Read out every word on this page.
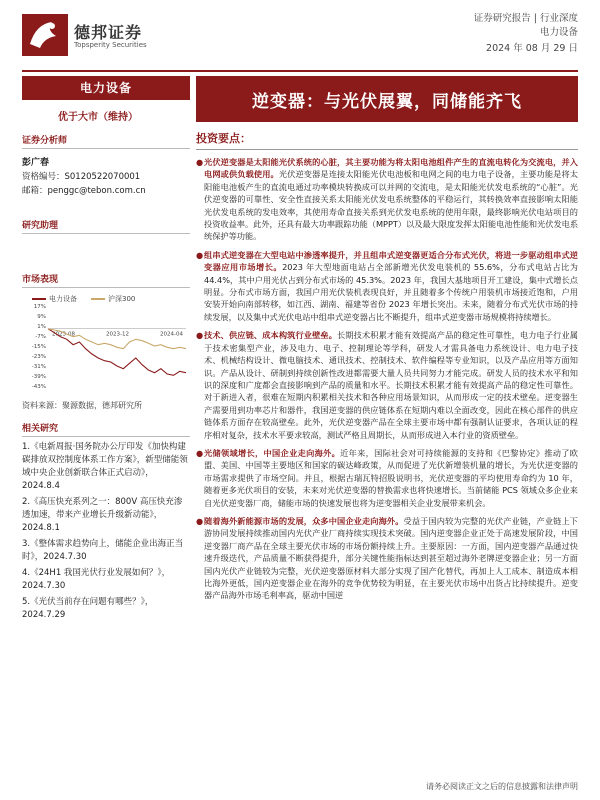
德邦证券
Topsperity Securities
证券研究报告 | 行业深度
电力设备
2024 年 08 月 29 日
电力设备
优于大市（维持）
证券分析师
彭广春
资格编号：S0120522070001
邮箱：penggc@tebon.com.cn
研究助理
市场表现
电力设备	沪深300
17%
9%
1%
-7%
-15%
-23%
-31%
-39%
-43%
2023-08	2023-12	2024-04
资料来源：聚源数据，德邦研究所
相关研究
1.《电新周报·国务院办公厅印发《加快构建碳排放双控制度体系工作方案》，新型储能领域中央企业创新联合体正式启动》，2024.8.4
2.《高压快充系列之一：800V 高压快充渗透加速，带来产业增长升级新动能》，2024.8.1
3.《整体需求趋势向上，储能企业出海正当时》，2024.7.30
4.《24H1 我国光伏行业发展如何？》，2024.7.30
5.《光伏当前存在问题有哪些？》，2024.7.29
逆变器：与光伏展翼，同储能齐飞
投资要点：
● 光伏逆变器是太阳能光伏系统的心脏，其主要功能为将太阳电池组件产生的直流电转化为交流电，并入电网或供负载使用。光伏逆变器是连接太阳能光伏电池板和电网之间的电力电子设备，主要功能是将太阳能电池板产生的直流电通过功率模块转换成可以并网的交流电，是太阳能光伏发电系统的“心脏”。光伏逆变器的可靠性、安全性直接关系太阳能光伏发电系统整体的平稳运行，其转换效率直接影响太阳能光伏发电系统的发电效率，其使用寿命直接关系到光伏发电系统的使用年限，最终影响光伏电站项目的投资收益率。此外，还具有最大功率跟踪功能（MPPT）以及最大限度发挥太阳能电池性能和光伏发电系统保护等功能。
● 组串式逆变器在大型电站中渗透率提升，并且组串式逆变器更适合分布式光伏，将进一步驱动组串式逆变器应用市场增长。2023 年大型地面电站占全部新增光伏发电装机的 55.6%，分布式电站占比为 44.4%，其中户用光伏占到分布式市场的 45.3%。2023 年，我国大基地项目开工建设，集中式增长点明显。分布式市场方面，我国户用光伏装机表现良好，并且随着多个传统户用装机市场接近饱和，户用安装开始向南部转移，如江西、湖南、福建等省份 2023 年增长突出。未来，随着分布式光伏市场的持续发展，以及集中式光伏电站中组串式逆变器占比不断提升，组串式逆变器市场规模将持续增长。
● 技术、供应链、成本构筑行业壁垒。长期技术积累才能有效提高产品的稳定性可靠性，电力电子行业属于技术密集型产业，涉及电力、电子、控制理论等学科，研发人才需具备电力系统设计、电力电子技术、机械结构设计、微电脑技术、通讯技术、控制技术、软件编程等专业知识，以及产品应用等方面知识。产品从设计、研制到持续创新性改进都需要大量人员共同努力才能完成。研发人员的技术水平和知识的深度和广度都会直接影响到产品的质量和水平。长期技术积累才能有效提高产品的稳定性可靠性。对于新进入者，很难在短期内积累相关技术和各种应用场景知识，从而形成一定的技术壁垒。逆变器生产需要用到功率芯片和器件，我国逆变器的供应链体系在短期内难以全面改变，因此在核心部件的供应链体系方面存在较高壁垒。此外，光伏逆变器产品在全球主要市场中都有强制认证要求，各项认证的程序相对复杂，技术水平要求较高，测试严格且周期长，从而形成进入本行业的资质壁垒。
● 光储领域增长，中国企业走向海外。近年来，国际社会对可持续能源的支持和《巴黎协定》推动了欧盟、美国、中国等主要地区和国家的碳达峰政策，从而促进了光伏新增装机量的增长，为光伏逆变器的市场需求提供了市场空间。并且，根据古瑞瓦特招股说明书，光伏逆变器的平均使用寿命约为 10 年，随着更多光伏项目的安装，未来对光伏逆变器的替换需求也将快速增长。当前储能 PCS 领域众多企业来自光伏逆变器厂商，储能市场的快速发展也将为逆变器相关企业发展带来机会。
● 随着海外新能源市场的发展，众多中国企业走向海外。受益于国内较为完整的光伏产业链，产业链上下游协同发展持续推动国内光伏产业厂商持续实现技术突破。国内逆变器企业正处于高速发展阶段，中国逆变器厂商产品在全球主要光伏市场的市场份额持续上升。主要原因：一方面，国内逆变器产品通过快速升级迭代，产品质量不断获得提升，部分关键性能指标达到甚至超过海外老牌逆变器企业；另一方面国内光伏产业链较为完整，光伏逆变器原材料大部分实现了国产化替代，再加上人工成本、制造成本相比海外更低，国内逆变器企业在海外的竞争优势较为明显，在主要光伏市场中出货占比持续提升。逆变器产品海外市场毛利率高，驱动中国逆
请务必阅读正文之后的信息披露和法律声明
